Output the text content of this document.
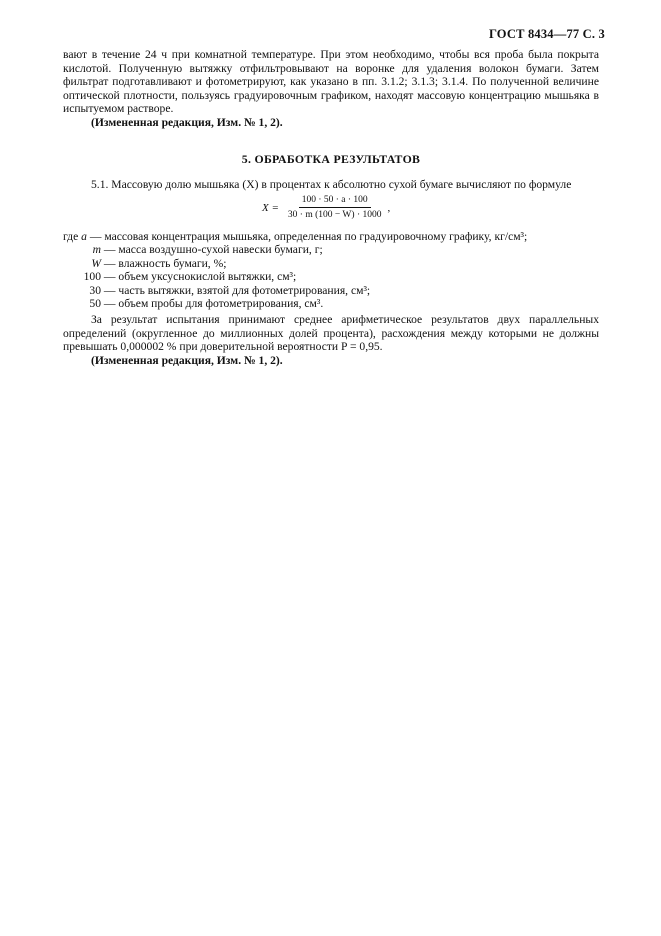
ГОСТ 8434—77 С. 3

вают в течение 24 ч при комнатной температуре. При этом необходимо, чтобы вся проба была покрыта кислотой. Полученную вытяжку отфильтровывают на воронке для удаления волокон бумаги. Затем фильтрат подготавливают и фотометрируют, как указано в пп. 3.1.2; 3.1.3; 3.1.4. По полученной величине оптической плотности, пользуясь градуировочным графиком, находят массовую концентрацию мышьяка в испытуемом растворе.

(Измененная редакция, Изм. № 1, 2).

5. ОБРАБОТКА РЕЗУЛЬТАТОВ

5.1. Массовую долю мышьяка (X) в процентах к абсолютно сухой бумаге вычисляют по формуле

$X = \frac{100 \cdot 50 \cdot a \cdot 100}{30 \cdot m (100 - W) \cdot 1000}$ ,
где a — массовая концентрация мышьяка, определенная по градуировочному графику, кг/см³;
m — масса воздушно-сухой навески бумаги, г;
W — влажность бумаги, %;
100 — объем уксуснокислой вытяжки, см³;
30 — часть вытяжки, взятой для фотометрирования, см³;
50 — объем пробы для фотометрирования, см³.

За результат испытания принимают среднее арифметическое результатов двух параллельных определений (округленное до миллионных долей процента), расхождения между которыми не должны превышать 0,000002 % при доверительной вероятности P = 0,95.

(Измененная редакция, Изм. № 1, 2).
